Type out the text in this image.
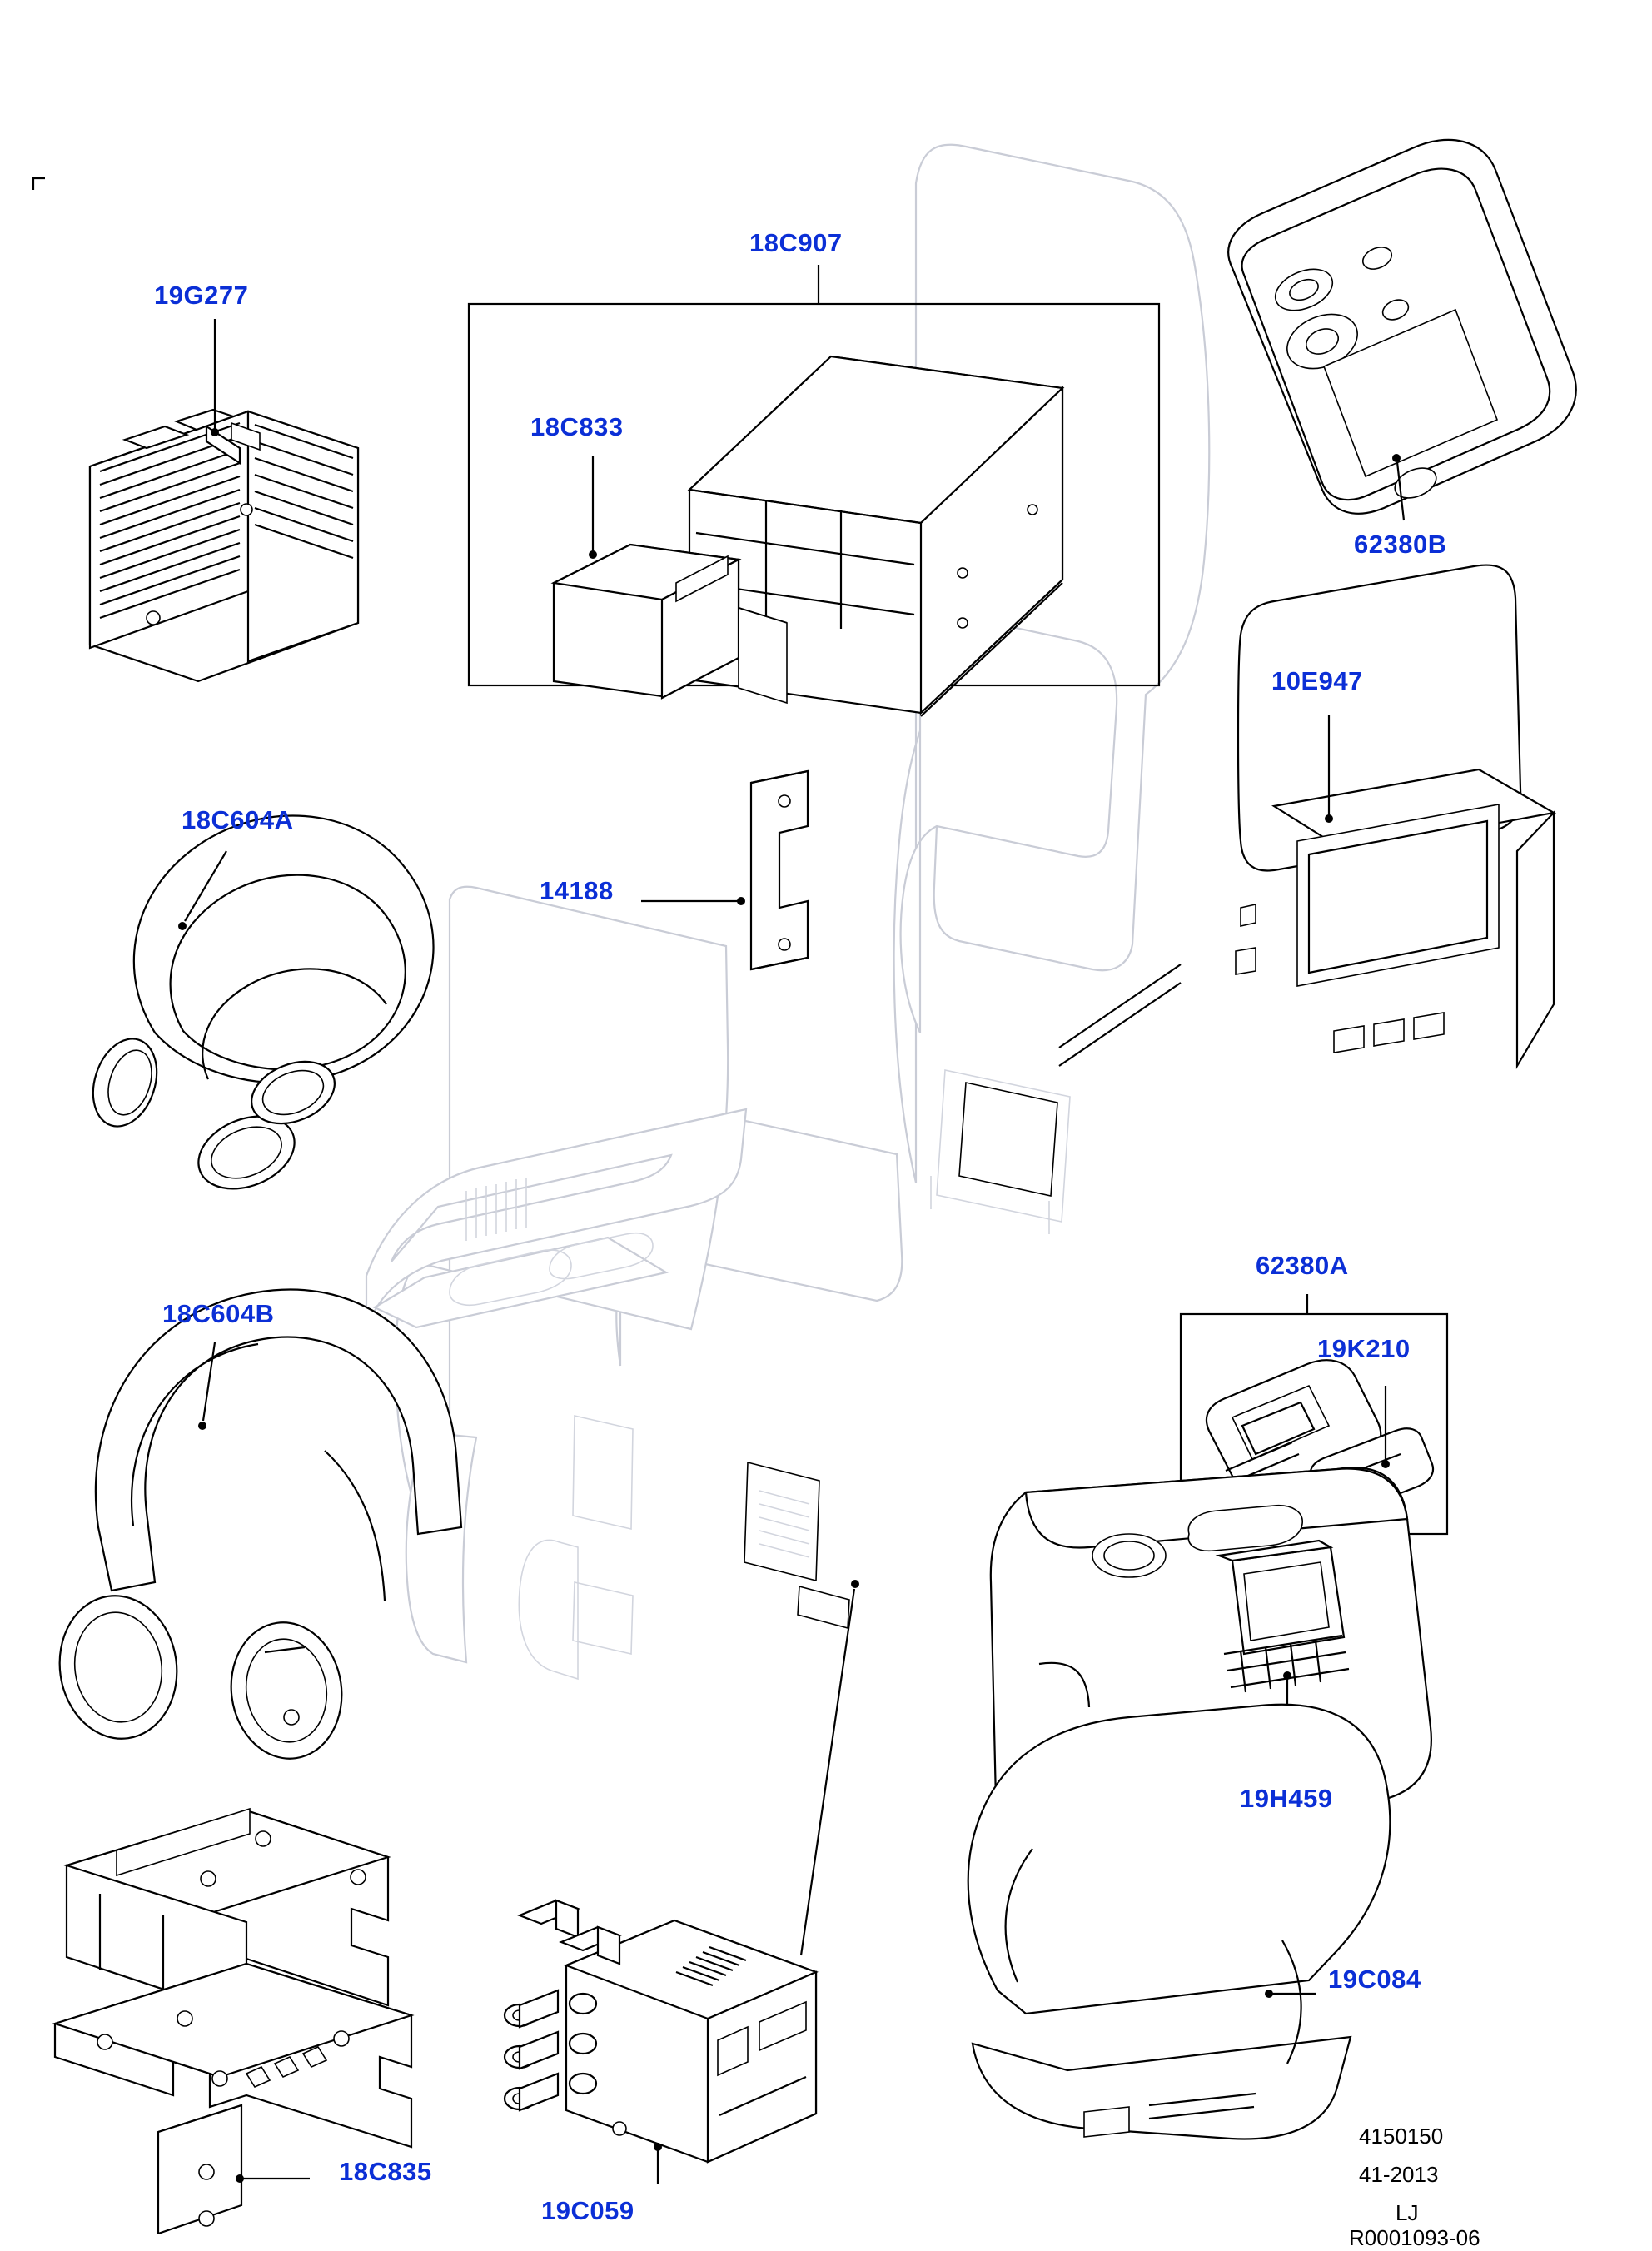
19G277
18C907
18C833
62380B
10E947
18C604A
14188
18C604B
62380A
19K210
19H459
19C084
18C835
19C059
4150150
41-2013
LJ
R0001093-06
